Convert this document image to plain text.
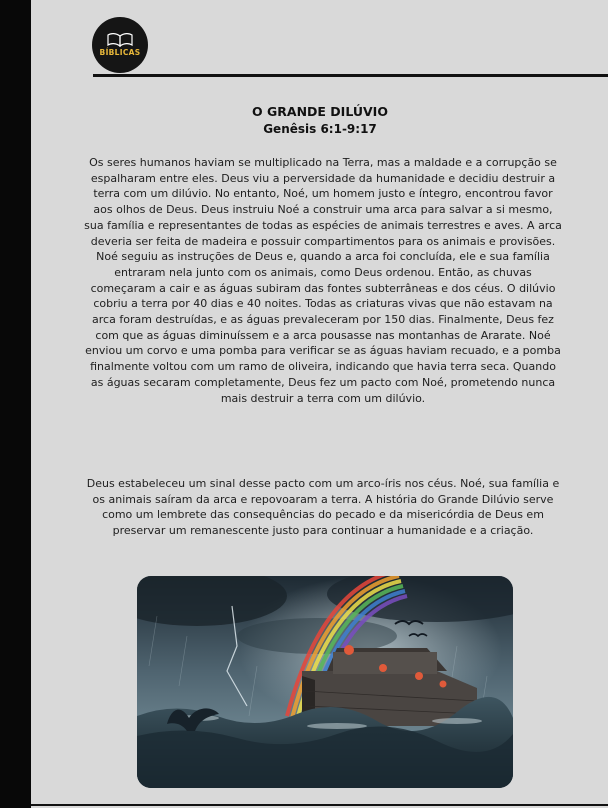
BÍBLICAS
O GRANDE DILÚVIO
Genêsis 6:1-9:17
Os seres humanos haviam se multiplicado na Terra, mas a maldade e a corrupção se espalharam entre eles. Deus viu a perversidade da humanidade e decidiu destruir a terra com um dilúvio. No entanto, Noé, um homem justo e íntegro, encontrou favor aos olhos de Deus. Deus instruiu Noé a construir uma arca para salvar a si mesmo, sua família e representantes de todas as espécies de animais terrestres e aves. A arca deveria ser feita de madeira e possuir compartimentos para os animais e provisões. Noé seguiu as instruções de Deus e, quando a arca foi concluída, ele e sua família entraram nela junto com os animais, como Deus ordenou. Então, as chuvas começaram a cair e as águas subiram das fontes subterrâneas e dos céus. O dilúvio cobriu a terra por 40 dias e 40 noites. Todas as criaturas vivas que não estavam na arca foram destruídas, e as águas prevaleceram por 150 dias. Finalmente, Deus fez com que as águas diminuíssem e a arca pousasse nas montanhas de Ararate. Noé enviou um corvo e uma pomba para verificar se as águas haviam recuado, e a pomba finalmente voltou com um ramo de oliveira, indicando que havia terra seca. Quando as águas secaram completamente, Deus fez um pacto com Noé, prometendo nunca mais destruir a terra com um dilúvio.
Deus estabeleceu um sinal desse pacto com um arco-íris nos céus. Noé, sua família e os animais saíram da arca e repovoaram a terra. A história do Grande Dilúvio serve como um lembrete das consequências do pecado e da misericórdia de Deus em preservar um remanescente justo para continuar a humanidade e a criação.
